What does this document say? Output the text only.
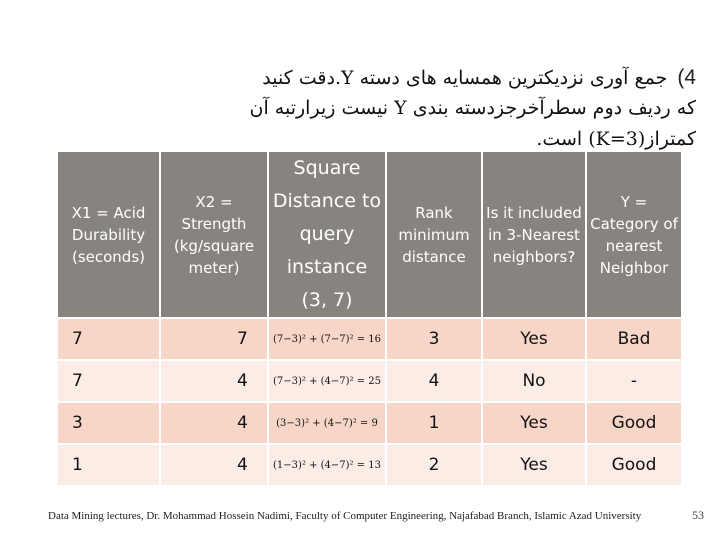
4)جمع آوری نزدیکترین همسایه های دسته Y.دقت کنید
که ردیف دوم سطرآخرجزدسته بندی Y نیست زیرارتبه آن
کمتراز(K=3) است.
X1 = Acid Durability (seconds)	X2 = Strength (kg/square meter)	Square Distance to query instance (3, 7)	Rank minimum distance	Is it included in 3-Nearest neighbors?	Y = Category of nearest Neighbor
7	7	(7−3)² + (7−7)² = 16	3	Yes	Bad
7	4	(7−3)² + (4−7)² = 25	4	No	-
3	4	(3−3)² + (4−7)² = 9	1	Yes	Good
1	4	(1−3)² + (4−7)² = 13	2	Yes	Good
Data Mining lectures, Dr. Mohammad Hossein Nadimi, Faculty of Computer Engineering, Najafabad Branch, Islamic Azad University	53
